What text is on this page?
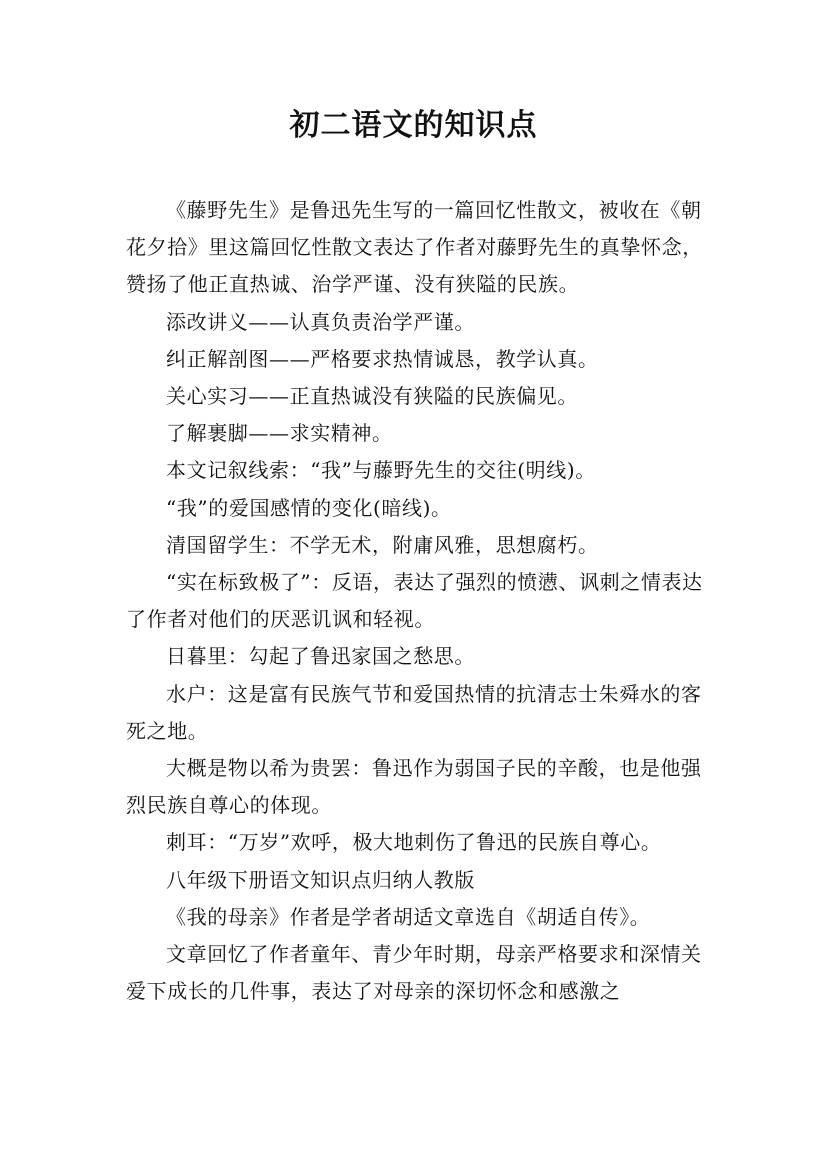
初二语文的知识点

《藤野先生》是鲁迅先生写的一篇回忆性散文，被收在《朝花夕拾》里这篇回忆性散文表达了作者对藤野先生的真挚怀念，赞扬了他正直热诚、治学严谨、没有狭隘的民族。

添改讲义——认真负责治学严谨。

纠正解剖图——严格要求热情诚恳，教学认真。

关心实习——正直热诚没有狭隘的民族偏见。

了解裹脚——求实精神。

本文记叙线索：“我”与藤野先生的交往(明线)。

“我”的爱国感情的变化(暗线)。

清国留学生：不学无术，附庸风雅，思想腐朽。

“实在标致极了”：反语，表达了强烈的愤懑、讽刺之情表达了作者对他们的厌恶讥讽和轻视。

日暮里：勾起了鲁迅家国之愁思。

水户：这是富有民族气节和爱国热情的抗清志士朱舜水的客死之地。

大概是物以希为贵罢：鲁迅作为弱国子民的辛酸，也是他强烈民族自尊心的体现。

刺耳：“万岁”欢呼，极大地刺伤了鲁迅的民族自尊心。

八年级下册语文知识点归纳人教版

《我的母亲》作者是学者胡适文章选自《胡适自传》。

文章回忆了作者童年、青少年时期，母亲严格要求和深情关爱下成长的几件事，表达了对母亲的深切怀念和感激之
